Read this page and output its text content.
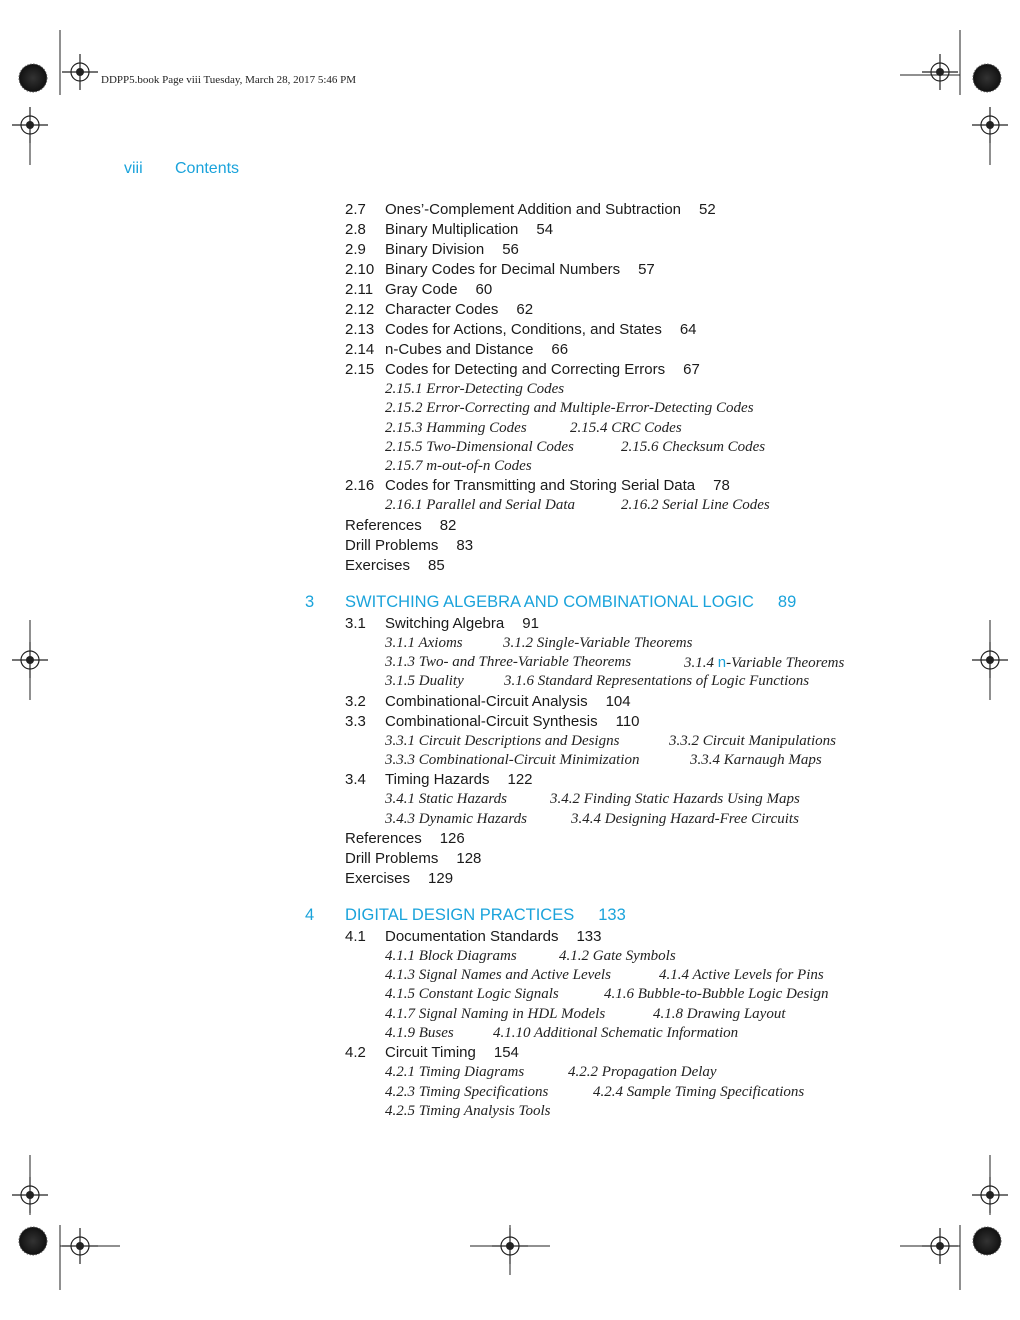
DDPP5.book Page viii Tuesday, March 28, 2017 5:46 PM
viii Contents
2.7 Ones’-Complement Addition and Subtraction 52
2.8 Binary Multiplication 54
2.9 Binary Division 56
2.10 Binary Codes for Decimal Numbers 57
2.11 Gray Code 60
2.12 Character Codes 62
2.13 Codes for Actions, Conditions, and States 64
2.14 n-Cubes and Distance 66
2.15 Codes for Detecting and Correcting Errors 67
2.15.1 Error-Detecting Codes
2.15.2 Error-Correcting and Multiple-Error-Detecting Codes
2.15.3 Hamming Codes	2.15.4 CRC Codes
2.15.5 Two-Dimensional Codes	2.15.6 Checksum Codes
2.15.7 m-out-of-n Codes
2.16 Codes for Transmitting and Storing Serial Data 78
2.16.1 Parallel and Serial Data	2.16.2 Serial Line Codes
References 82
Drill Problems 83
Exercises 85
3 SWITCHING ALGEBRA AND COMBINATIONAL LOGIC 89
3.1 Switching Algebra 91
3.1.1 Axioms	3.1.2 Single-Variable Theorems
3.1.3 Two- and Three-Variable Theorems	3.1.4 n-Variable Theorems
3.1.5 Duality	3.1.6 Standard Representations of Logic Functions
3.2 Combinational-Circuit Analysis 104
3.3 Combinational-Circuit Synthesis 110
3.3.1 Circuit Descriptions and Designs	3.3.2 Circuit Manipulations
3.3.3 Combinational-Circuit Minimization	3.3.4 Karnaugh Maps
3.4 Timing Hazards 122
3.4.1 Static Hazards	3.4.2 Finding Static Hazards Using Maps
3.4.3 Dynamic Hazards	3.4.4 Designing Hazard-Free Circuits
References 126
Drill Problems 128
Exercises 129
4 DIGITAL DESIGN PRACTICES 133
4.1 Documentation Standards 133
4.1.1 Block Diagrams	4.1.2 Gate Symbols
4.1.3 Signal Names and Active Levels	4.1.4 Active Levels for Pins
4.1.5 Constant Logic Signals	4.1.6 Bubble-to-Bubble Logic Design
4.1.7 Signal Naming in HDL Models	4.1.8 Drawing Layout
4.1.9 Buses	4.1.10 Additional Schematic Information
4.2 Circuit Timing 154
4.2.1 Timing Diagrams	4.2.2 Propagation Delay
4.2.3 Timing Specifications	4.2.4 Sample Timing Specifications
4.2.5 Timing Analysis Tools
